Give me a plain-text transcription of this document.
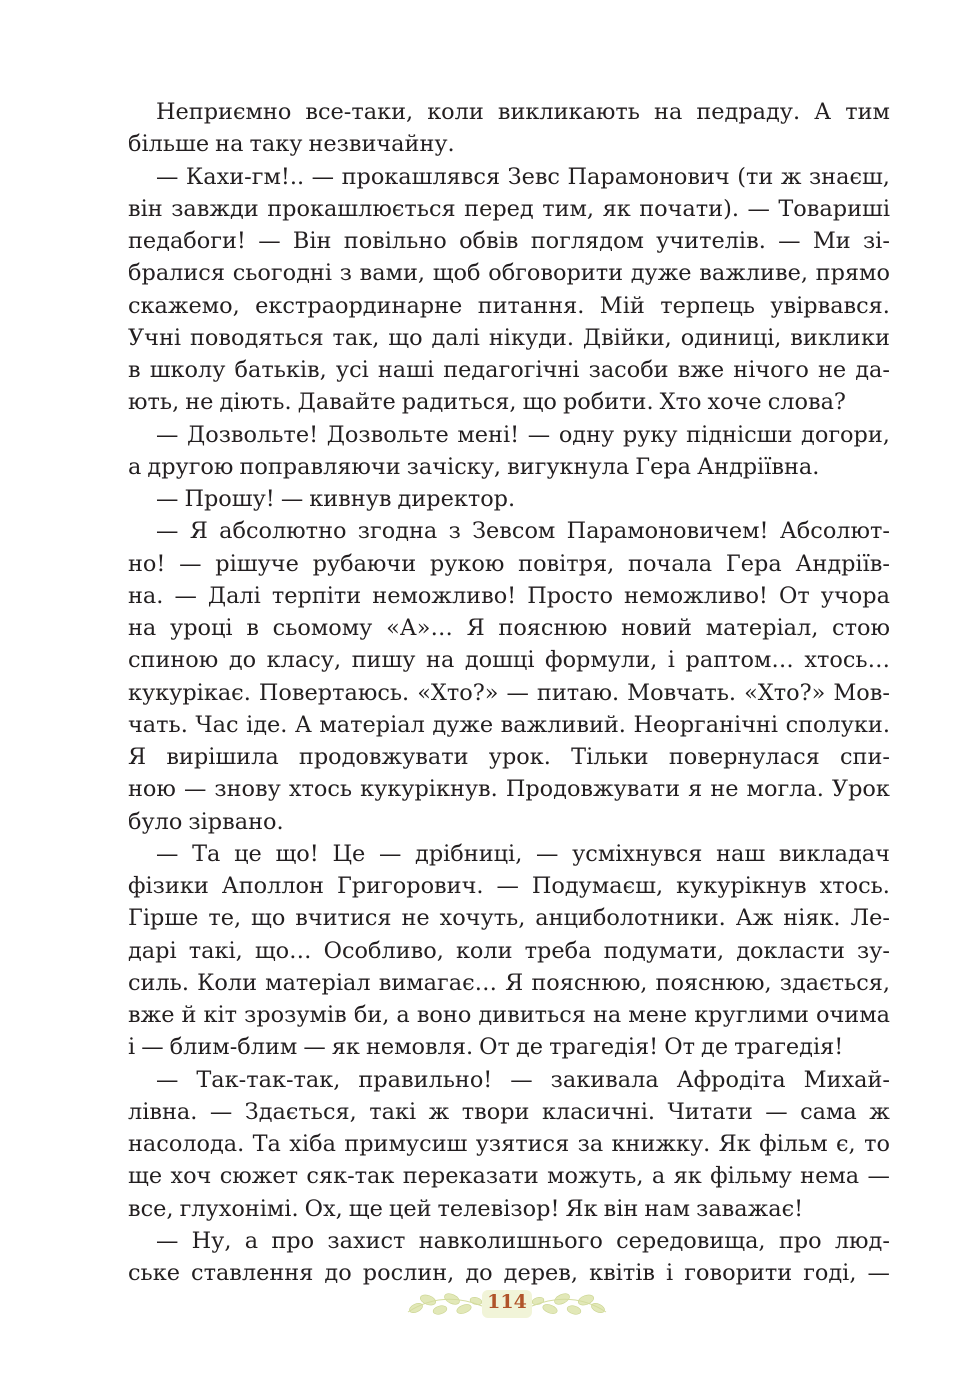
Неприємно все-таки, коли викликають на педраду. А тим
більше на таку незвичайну.
— Кахи-гм!.. — прокашлявся Зевс Парамонович (ти ж знаєш,
він завжди прокашлюється перед тим, як почати). — Товариші
педабоги! — Він повільно обвів поглядом учителів. — Ми зі-
бралися сьогодні з вами, щоб обговорити дуже важливе, прямо
скажемо, екстраординарне питання. Мій терпець увірвався.
Учні поводяться так, що далі нікуди. Двійки, одиниці, виклики
в школу батьків, усі наші педагогічні засоби вже нічого не да-
ють, не діють. Давайте радиться, що робити. Хто хоче слова?
— Дозвольте! Дозвольте мені! — одну руку піднісши догори,
а другою поправляючи зачіску, вигукнула Гера Андріївна.
— Прошу! — кивнув директор.
— Я абсолютно згодна з Зевсом Парамоновичем! Абсолют-
но! — рішуче рубаючи рукою повітря, почала Гера Андріїв-
на. — Далі терпіти неможливо! Просто неможливо! От учора
на уроці в сьомому «А»… Я пояснюю новий матеріал, стою
спиною до класу, пишу на дошці формули, і раптом… хтось…
кукурікає. Повертаюсь. «Хто?» — питаю. Мовчать. «Хто?» Мов-
чать. Час іде. А матеріал дуже важливий. Неорганічні сполуки.
Я вирішила продовжувати урок. Тільки повернулася спи-
ною — знову хтось кукурікнув. Продовжувати я не могла. Урок
було зірвано.
— Та це що! Це — дрібниці, — усміхнувся наш викладач
фізики Аполлон Григорович. — Подумаєш, кукурікнув хтось.
Гірше те, що вчитися не хочуть, анциболотники. Аж ніяк. Ле-
дарі такі, що… Особливо, коли треба подумати, докласти зу-
силь. Коли матеріал вимагає… Я пояснюю, пояснюю, здається,
вже й кіт зрозумів би, а воно дивиться на мене круглими очима
і — блим-блим — як немовля. От де трагедія! От де трагедія!
— Так-так-так, правильно! — закивала Афродіта Михай-
лівна. — Здається, такі ж твори класичні. Читати — сама ж
насолода. Та хіба примусиш узятися за книжку. Як фільм є, то
ще хоч сюжет сяк-так переказати можуть, а як фільму нема —
все, глухонімі. Ох, ще цей телевізор! Як він нам заважає!
— Ну, а про захист навколишнього середовища, про люд-
ське ставлення до рослин, до дерев, квітів і говорити годі, —
114
